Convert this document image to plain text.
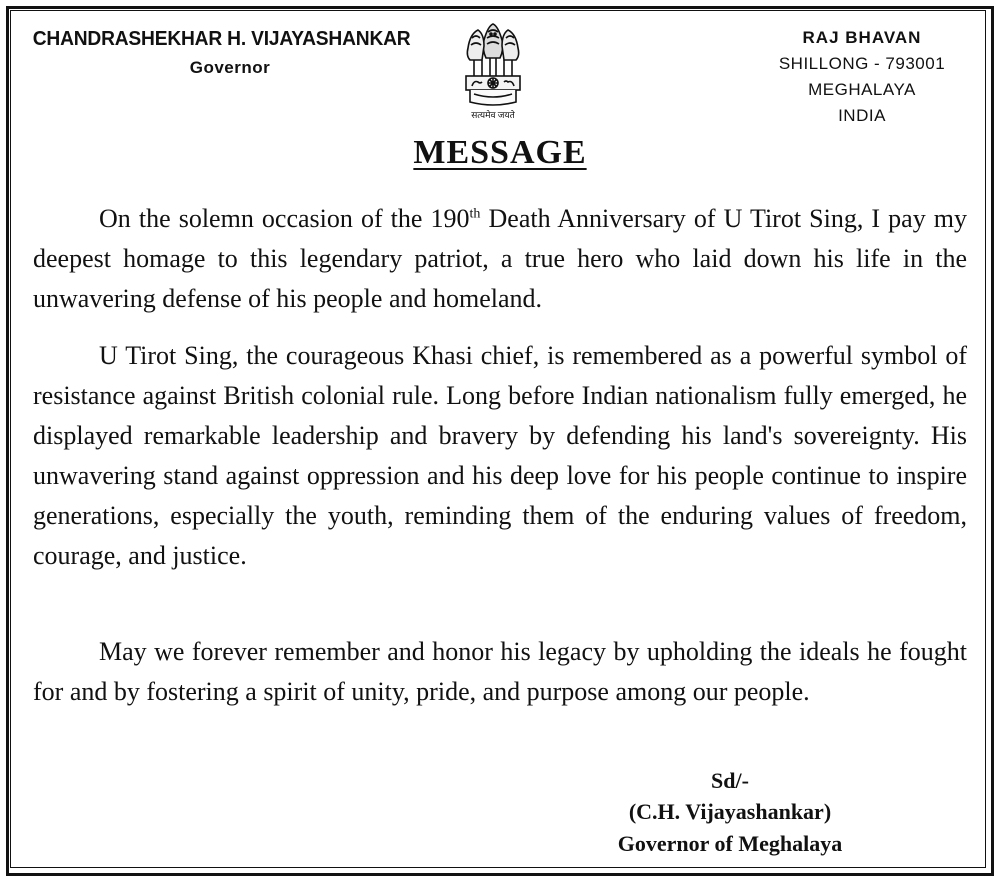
CHANDRASHEKHAR H. VIJAYASHANKAR
Governor
सत्यमेव जयते
RAJ BHAVAN
SHILLONG - 793001
MEGHALAYA
INDIA
MESSAGE

On the solemn occasion of the 190th Death Anniversary of U Tirot Sing, I pay my deepest homage to this legendary patriot, a true hero who laid down his life in the unwavering defense of his people and homeland.

U Tirot Sing, the courageous Khasi chief, is remembered as a powerful symbol of resistance against British colonial rule. Long before Indian nationalism fully emerged, he displayed remarkable leadership and bravery by defending his land's sovereignty. His unwavering stand against oppression and his deep love for his people continue to inspire generations, especially the youth, reminding them of the enduring values of freedom, courage, and justice.

May we forever remember and honor his legacy by upholding the ideals he fought for and by fostering a spirit of unity, pride, and purpose among our people.

Sd/-
(C.H. Vijayashankar)
Governor of Meghalaya
